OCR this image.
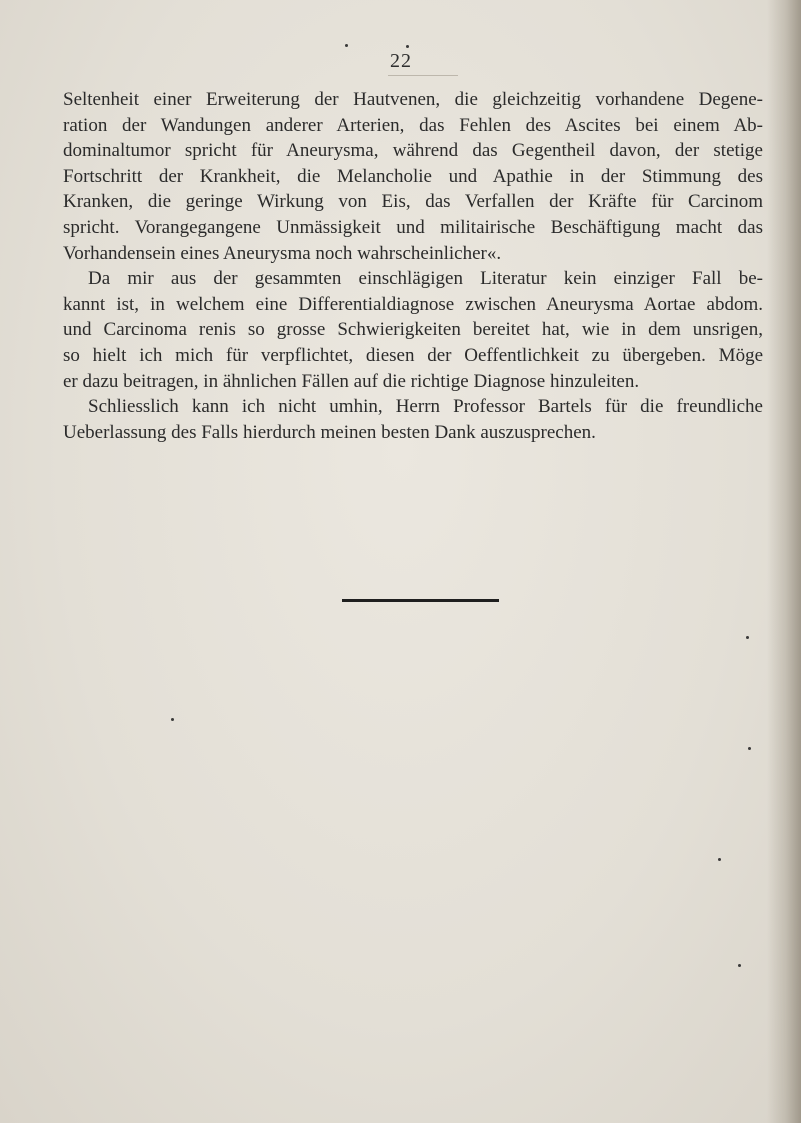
22
Seltenheit einer Erweiterung der Hautvenen, die gleichzeitig vorhandene Degene-
ration der Wandungen anderer Arterien, das Fehlen des Ascites bei einem Ab-
dominaltumor spricht für Aneurysma, während das Gegentheil davon, der stetige
Fortschritt der Krankheit, die Melancholie und Apathie in der Stimmung des
Kranken, die geringe Wirkung von Eis, das Verfallen der Kräfte für Carcinom
spricht. Vorangegangene Unmässigkeit und militairische Beschäftigung macht das
Vorhandensein eines Aneurysma noch wahrscheinlicher«.
Da mir aus der gesammten einschlägigen Literatur kein einziger Fall be-
kannt ist, in welchem eine Differentialdiagnose zwischen Aneurysma Aortae abdom.
und Carcinoma renis so grosse Schwierigkeiten bereitet hat, wie in dem unsrigen,
so hielt ich mich für verpflichtet, diesen der Oeffentlichkeit zu übergeben. Möge
er dazu beitragen, in ähnlichen Fällen auf die richtige Diagnose hinzuleiten.
Schliesslich kann ich nicht umhin, Herrn Professor Bartels für die freundliche
Ueberlassung des Falls hierdurch meinen besten Dank auszusprechen.
